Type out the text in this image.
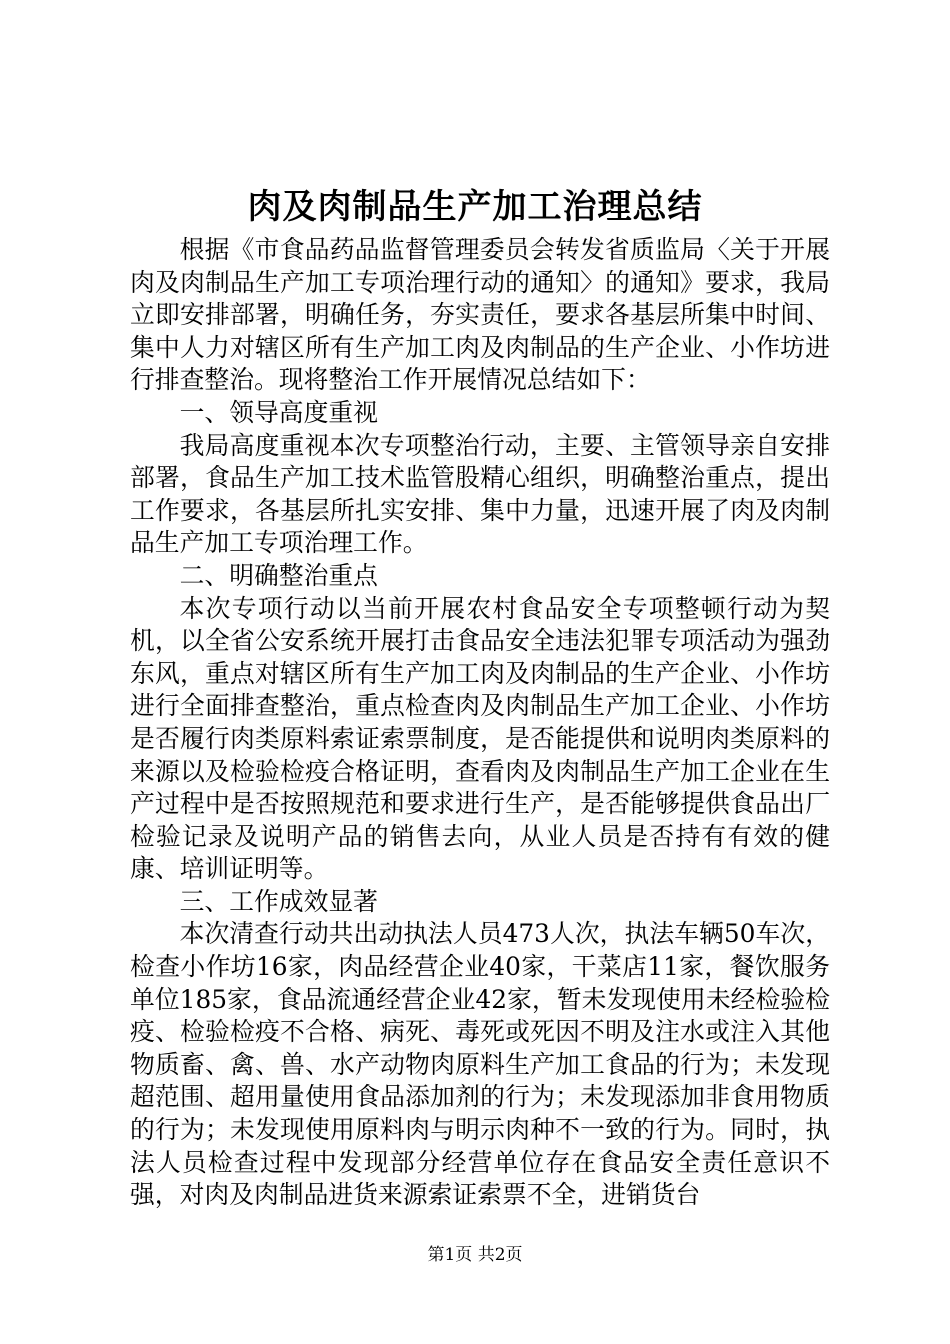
肉及肉制品生产加工治理总结

根据《市食品药品监督管理委员会转发省质监局〈关于开展肉及肉制品生产加工专项治理行动的通知〉的通知》要求，我局立即安排部署，明确任务，夯实责任，要求各基层所集中时间、集中人力对辖区所有生产加工肉及肉制品的生产企业、小作坊进行排查整治。现将整治工作开展情况总结如下：

一、领导高度重视

我局高度重视本次专项整治行动，主要、主管领导亲自安排部署，食品生产加工技术监管股精心组织，明确整治重点，提出工作要求，各基层所扎实安排、集中力量，迅速开展了肉及肉制品生产加工专项治理工作。

二、明确整治重点

本次专项行动以当前开展农村食品安全专项整顿行动为契机，以全省公安系统开展打击食品安全违法犯罪专项活动为强劲东风，重点对辖区所有生产加工肉及肉制品的生产企业、小作坊进行全面排查整治，重点检查肉及肉制品生产加工企业、小作坊是否履行肉类原料索证索票制度，是否能提供和说明肉类原料的来源以及检验检疫合格证明，查看肉及肉制品生产加工企业在生产过程中是否按照规范和要求进行生产，是否能够提供食品出厂检验记录及说明产品的销售去向，从业人员是否持有有效的健康、培训证明等。

三、工作成效显著

本次清查行动共出动执法人员473人次，执法车辆50车次，检查小作坊16家，肉品经营企业40家，干菜店11家，餐饮服务单位185家，食品流通经营企业42家，暂未发现使用未经检验检疫、检验检疫不合格、病死、毒死或死因不明及注水或注入其他物质畜、禽、兽、水产动物肉原料生产加工食品的行为；未发现超范围、超用量使用食品添加剂的行为；未发现添加非食用物质的行为；未发现使用原料肉与明示肉种不一致的行为。同时，执法人员检查过程中发现部分经营单位存在食品安全责任意识不强，对肉及肉制品进货来源索证索票不全，进销货台

第1页 共2页
